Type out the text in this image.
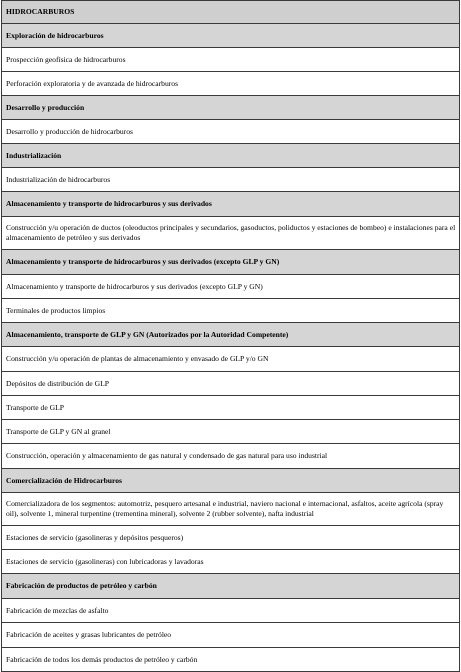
HIDROCARBUROS
Exploración de hidrocarburos
Prospección geofísica de hidrocarburos
Perforación exploratoria y de avanzada de hidrocarburos
Desarrollo y producción
Desarrollo y producción de hidrocarburos
Industrialización
Industrialización de hidrocarburos
Almacenamiento y transporte de hidrocarburos y sus derivados
Construcción y/u operación de ductos (oleoductos principales y secundarios, gasoductos, poliductos y estaciones de bombeo) e instalaciones para el almacenamiento de petróleo y sus derivados
Almacenamiento y transporte de hidrocarburos y sus derivados (excepto GLP y GN)
Almacenamiento y transporte de hidrocarburos y sus derivados (excepto GLP y GN)
Terminales de productos limpios
Almacenamiento, transporte de GLP y GN (Autorizados por la Autoridad Competente)
Construcción y/u operación de plantas de almacenamiento y envasado de GLP y/o GN
Depósitos de distribución de GLP
Transporte de GLP
Transporte de GLP y GN al granel
Construcción, operación y almacenamiento de gas natural y condensado de gas natural para uso industrial
Comercialización de Hidrocarburos
Comercializadora de los segmentos: automotriz, pesquero artesanal e industrial, naviero nacional e internacional, asfaltos, aceite agrícola (spray oil), solvente 1, mineral turpentine (trementina mineral), solvente 2 (rubber solvente), nafta industrial
Estaciones de servicio (gasolineras y depósitos pesqueros)
Estaciones de servicio (gasolineras) con lubricadoras y lavadoras
Fabricación de productos de petróleo y carbón
Fabricación de mezclas de asfalto
Fabricación de aceites y grasas lubricantes de petróleo
Fabricación de todos los demás productos de petróleo y carbón
